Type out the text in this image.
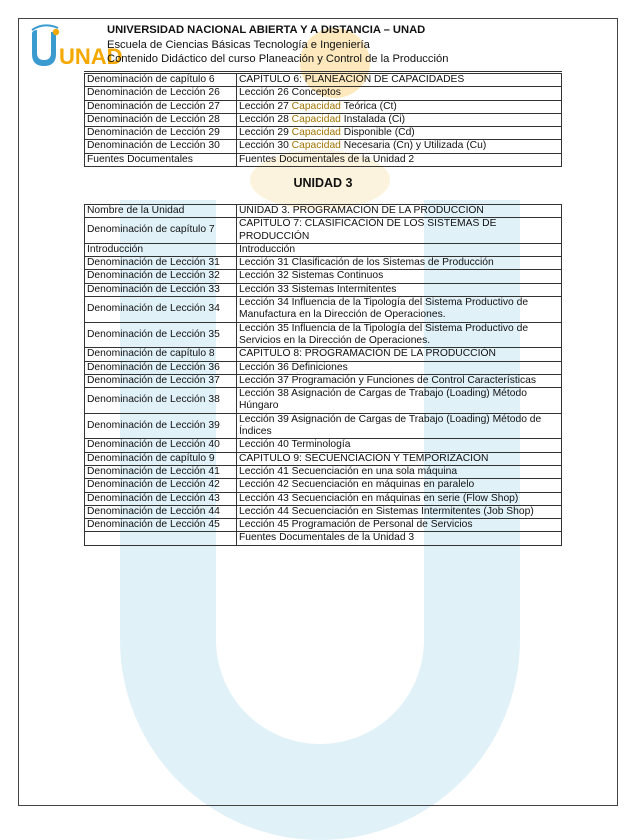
UNAD
UNIVERSIDAD NACIONAL ABIERTA Y A DISTANCIA – UNAD
Escuela de Ciencias Básicas Tecnología e Ingeniería
Contenido Didáctico del curso Planeación y Control de la Producción
Denominación de capítulo 6	CAPÍTULO 6: PLANEACIÓN DE CAPACIDADES
Denominación de Lección 26	Lección 26 Conceptos
Denominación de Lección 27	Lección 27 Capacidad Teórica (Ct)
Denominación de Lección 28	Lección 28 Capacidad Instalada (Ci)
Denominación de Lección 29	Lección 29 Capacidad Disponible (Cd)
Denominación de Lección 30	Lección 30 Capacidad Necesaria (Cn) y Utilizada (Cu)
Fuentes Documentales	Fuentes Documentales de la Unidad 2
UNIDAD 3
Nombre de la Unidad	UNIDAD 3. PROGRAMACIÓN DE LA PRODUCCIÓN
Denominación de capítulo 7	CAPITULO 7: CLASIFICACIÓN DE LOS SISTEMAS DE PRODUCCIÓN
Introducción	Introducción
Denominación de Lección 31	Lección 31 Clasificación de los Sistemas de Producción
Denominación de Lección 32	Lección 32 Sistemas Continuos
Denominación de Lección 33	Lección 33 Sistemas Intermitentes
Denominación de Lección 34	Lección 34 Influencia de la Tipología del Sistema Productivo de Manufactura en la Dirección de Operaciones.
Denominación de Lección 35	Lección 35 Influencia de la Tipología del Sistema Productivo de Servicios en la Dirección de Operaciones.
Denominación de capítulo 8	CAPITULO 8: PROGRAMACIÓN DE LA PRODUCCIÓN
Denominación de Lección 36	Lección 36 Definiciones
Denominación de Lección 37	Lección 37 Programación y Funciones de Control Características
Denominación de Lección 38	Lección 38 Asignación de Cargas de Trabajo (Loading) Método Húngaro
Denominación de Lección 39	Lección 39 Asignación de Cargas de Trabajo (Loading) Método de Índices
Denominación de Lección 40	Lección 40 Terminología
Denominación de capítulo 9	CAPITULO 9: SECUENCIACION Y TEMPORIZACION
Denominación de Lección 41	Lección 41 Secuenciación en una sola máquina
Denominación de Lección 42	Lección 42 Secuenciación en máquinas en paralelo
Denominación de Lección 43	Lección 43 Secuenciación en máquinas en serie (Flow Shop)
Denominación de Lección 44	Lección 44 Secuenciación en Sistemas Intermitentes (Job Shop)
Denominación de Lección 45	Lección 45 Programación de Personal de Servicios
	Fuentes Documentales de la Unidad 3
